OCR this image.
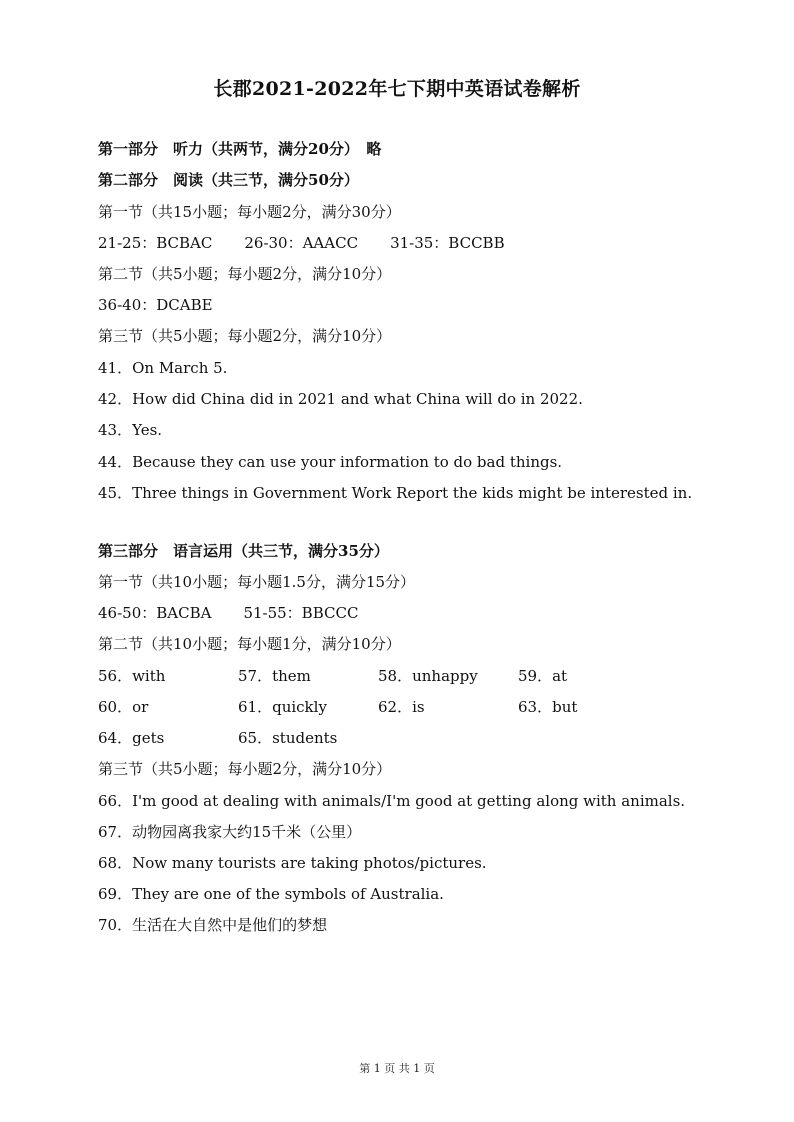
长郡2021-2022年七下期中英语试卷解析
第一部分　听力（共两节，满分20分）　略
第二部分　阅读（共三节，满分50分）
第一节（共15小题；每小题2分，满分30分）
21-25：BCBAC 26-30：AAACC 31-35：BCCBB
第二节（共5小题；每小题2分，满分10分）
36-40：DCABE
第三节（共5小题；每小题2分，满分10分）
41．On March 5.
42．How did China did in 2021 and what China will do in 2022.
43．Yes.
44．Because they can use your information to do bad things.
45．Three things in Government Work Report the kids might be interested in.
第三部分　语言运用（共三节，满分35分）
第一节（共10小题；每小题1.5分，满分15分）
46-50：BACBA 51-55：BBCCC
第二节（共10小题；每小题1分，满分10分）
56．with	57．them	58．unhappy	59．at
60．or	61．quickly	62．is	63．but
64．gets	65．students
第三节（共5小题；每小题2分，满分10分）
66．I'm good at dealing with animals/I'm good at getting along with animals.
67．动物园离我家大约15千米（公里）
68．Now many tourists are taking photos/pictures.
69．They are one of the symbols of Australia.
70．生活在大自然中是他们的梦想
第 1 页 共 1 页
